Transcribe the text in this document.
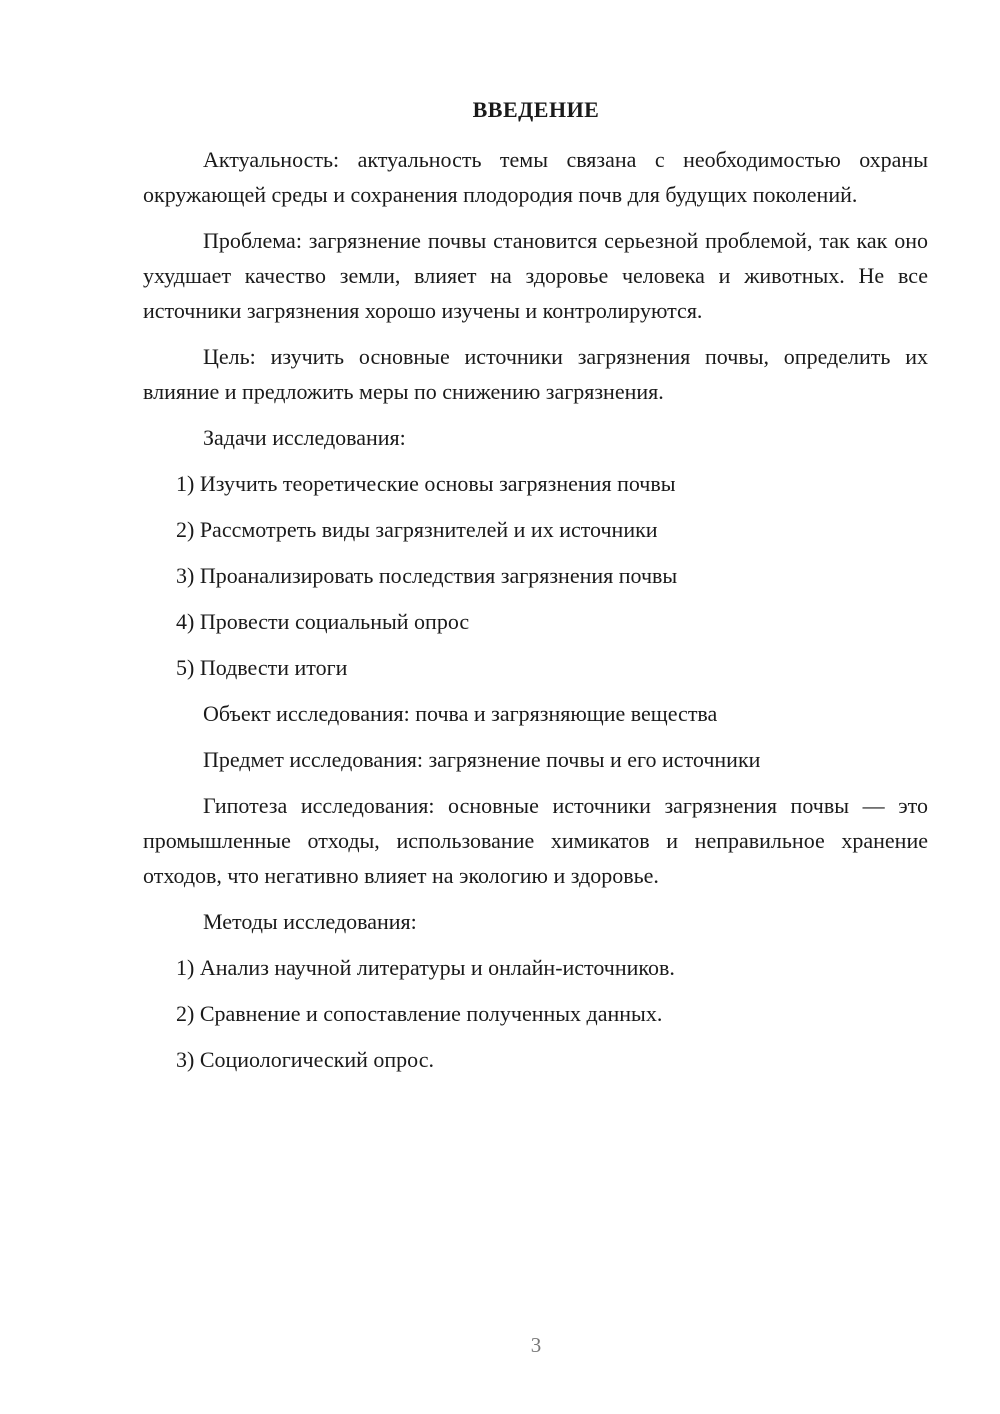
ВВЕДЕНИЕ

Актуальность: актуальность темы связана с необходимостью охраны окружающей среды и сохранения плодородия почв для будущих поколений.

Проблема: загрязнение почвы становится серьезной проблемой, так как оно ухудшает качество земли, влияет на здоровье человека и животных. Не все источники загрязнения хорошо изучены и контролируются.

Цель: изучить основные источники загрязнения почвы, определить их влияние и предложить меры по снижению загрязнения.

Задачи исследования:

1) Изучить теоретические основы загрязнения почвы

2) Рассмотреть виды загрязнителей и их источники

3) Проанализировать последствия загрязнения почвы

4) Провести социальный опрос

5) Подвести итоги

Объект исследования: почва и загрязняющие вещества

Предмет исследования: загрязнение почвы и его источники

Гипотеза исследования: основные источники загрязнения почвы — это промышленные отходы, использование химикатов и неправильное хранение отходов, что негативно влияет на экологию и здоровье.

Методы исследования:

1) Анализ научной литературы и онлайн-источников.

2) Сравнение и сопоставление полученных данных.

3) Социологический опрос.

3
